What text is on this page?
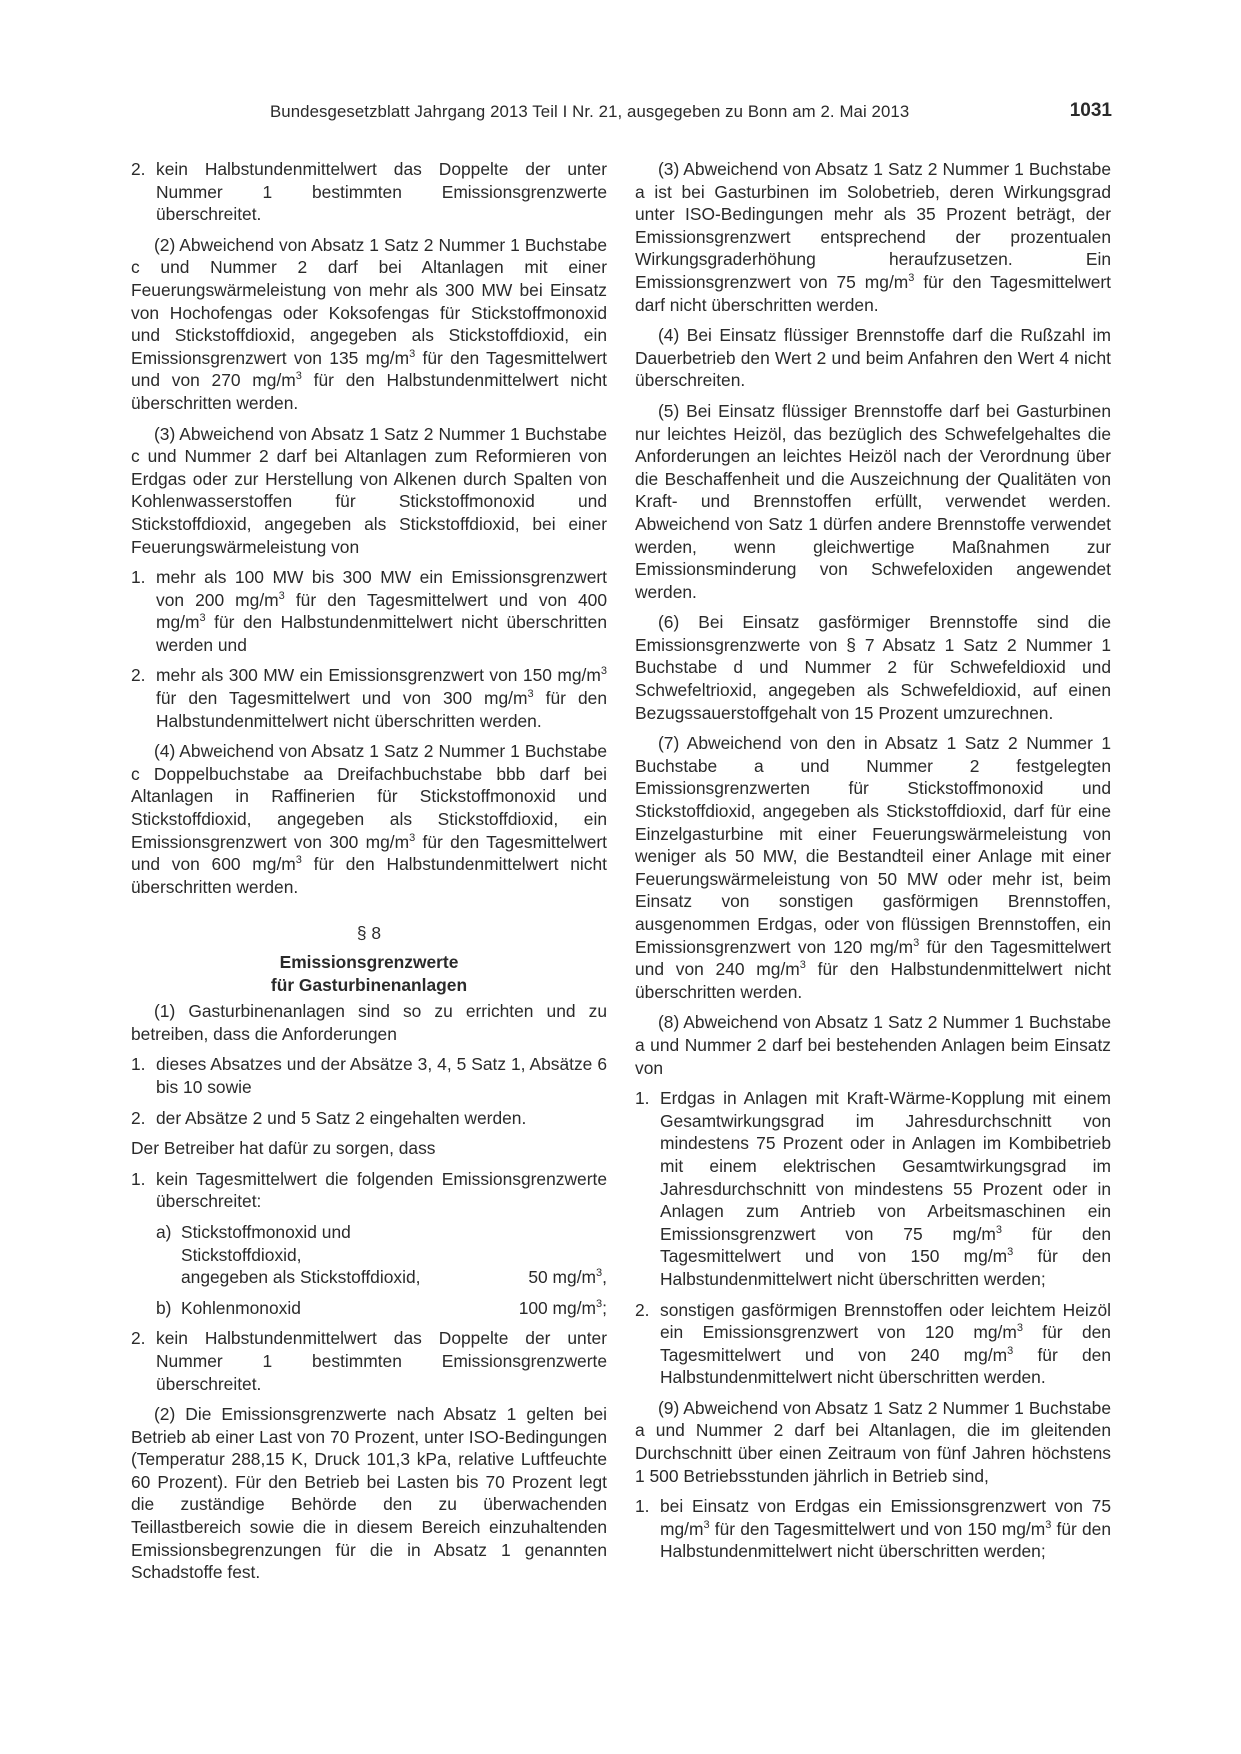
Bundesgesetzblatt Jahrgang 2013 Teil I Nr. 21, ausgegeben zu Bonn am 2. Mai 2013	1031
2. kein Halbstundenmittelwert das Doppelte der unter Nummer 1 bestimmten Emissionsgrenzwerte überschreitet.

(2) Abweichend von Absatz 1 Satz 2 Nummer 1 Buchstabe c und Nummer 2 darf bei Altanlagen mit einer Feuerungswärmeleistung von mehr als 300 MW bei Einsatz von Hochofengas oder Koksofengas für Stickstoffmonoxid und Stickstoffdioxid, angegeben als Stickstoffdioxid, ein Emissionsgrenzwert von 135 $mg/m^3$ für den Tagesmittelwert und von 270 $mg/m^3$ für den Halbstundenmittelwert nicht überschritten werden.

(3) Abweichend von Absatz 1 Satz 2 Nummer 1 Buchstabe c und Nummer 2 darf bei Altanlagen zum Reformieren von Erdgas oder zur Herstellung von Alkenen durch Spalten von Kohlenwasserstoffen für Stickstoffmonoxid und Stickstoffdioxid, angegeben als Stickstoffdioxid, bei einer Feuerungswärmeleistung von

1. mehr als 100 MW bis 300 MW ein Emissionsgrenzwert von 200 $mg/m^3$ für den Tagesmittelwert und von 400 $mg/m^3$ für den Halbstundenmittelwert nicht überschritten werden und
2. mehr als 300 MW ein Emissionsgrenzwert von 150 $mg/m^3$ für den Tagesmittelwert und von 300 $mg/m^3$ für den Halbstundenmittelwert nicht überschritten werden.

(4) Abweichend von Absatz 1 Satz 2 Nummer 1 Buchstabe c Doppelbuchstabe aa Dreifachbuchstabe bbb darf bei Altanlagen in Raffinerien für Stickstoffmonoxid und Stickstoffdioxid, angegeben als Stickstoffdioxid, ein Emissionsgrenzwert von 300 $mg/m^3$ für den Tagesmittelwert und von 600 $mg/m^3$ für den Halbstundenmittelwert nicht überschritten werden.

§ 8
Emissionsgrenzwerte
für Gasturbinenanlagen

(1) Gasturbinenanlagen sind so zu errichten und zu betreiben, dass die Anforderungen

1. dieses Absatzes und der Absätze 3, 4, 5 Satz 1, Absätze 6 bis 10 sowie
2. der Absätze 2 und 5 Satz 2 eingehalten werden.

Der Betreiber hat dafür zu sorgen, dass

1. kein Tagesmittelwert die folgenden Emissionsgrenzwerte überschreitet:
a) Stickstoffmonoxid und
Stickstoffdioxid,
angegeben als Stickstoffdioxid,	50 $mg/m^3$,
b) Kohlenmonoxid	100 $mg/m^3$;
2. kein Halbstundenmittelwert das Doppelte der unter Nummer 1 bestimmten Emissionsgrenzwerte überschreitet.

(2) Die Emissionsgrenzwerte nach Absatz 1 gelten bei Betrieb ab einer Last von 70 Prozent, unter ISO-Bedingungen (Temperatur 288,15 K, Druck 101,3 kPa, relative Luftfeuchte 60 Prozent). Für den Betrieb bei Lasten bis 70 Prozent legt die zuständige Behörde den zu überwachenden Teillastbereich sowie die in diesem Bereich einzuhaltenden Emissionsbegrenzungen für die in Absatz 1 genannten Schadstoffe fest.

(3) Abweichend von Absatz 1 Satz 2 Nummer 1 Buchstabe a ist bei Gasturbinen im Solobetrieb, deren Wirkungsgrad unter ISO-Bedingungen mehr als 35 Prozent beträgt, der Emissionsgrenzwert entsprechend der prozentualen Wirkungsgraderhöhung heraufzusetzen. Ein Emissionsgrenzwert von 75 $mg/m^3$ für den Tagesmittelwert darf nicht überschritten werden.

(4) Bei Einsatz flüssiger Brennstoffe darf die Rußzahl im Dauerbetrieb den Wert 2 und beim Anfahren den Wert 4 nicht überschreiten.

(5) Bei Einsatz flüssiger Brennstoffe darf bei Gasturbinen nur leichtes Heizöl, das bezüglich des Schwefelgehaltes die Anforderungen an leichtes Heizöl nach der Verordnung über die Beschaffenheit und die Auszeichnung der Qualitäten von Kraft- und Brennstoffen erfüllt, verwendet werden. Abweichend von Satz 1 dürfen andere Brennstoffe verwendet werden, wenn gleichwertige Maßnahmen zur Emissionsminderung von Schwefeloxiden angewendet werden.

(6) Bei Einsatz gasförmiger Brennstoffe sind die Emissionsgrenzwerte von § 7 Absatz 1 Satz 2 Nummer 1 Buchstabe d und Nummer 2 für Schwefeldioxid und Schwefeltrioxid, angegeben als Schwefeldioxid, auf einen Bezugssauerstoffgehalt von 15 Prozent umzurechnen.

(7) Abweichend von den in Absatz 1 Satz 2 Nummer 1 Buchstabe a und Nummer 2 festgelegten Emissionsgrenzwerten für Stickstoffmonoxid und Stickstoffdioxid, angegeben als Stickstoffdioxid, darf für eine Einzelgasturbine mit einer Feuerungswärmeleistung von weniger als 50 MW, die Bestandteil einer Anlage mit einer Feuerungswärmeleistung von 50 MW oder mehr ist, beim Einsatz von sonstigen gasförmigen Brennstoffen, ausgenommen Erdgas, oder von flüssigen Brennstoffen, ein Emissionsgrenzwert von 120 $mg/m^3$ für den Tagesmittelwert und von 240 $mg/m^3$ für den Halbstundenmittelwert nicht überschritten werden.

(8) Abweichend von Absatz 1 Satz 2 Nummer 1 Buchstabe a und Nummer 2 darf bei bestehenden Anlagen beim Einsatz von

1. Erdgas in Anlagen mit Kraft-Wärme-Kopplung mit einem Gesamtwirkungsgrad im Jahresdurchschnitt von mindestens 75 Prozent oder in Anlagen im Kombibetrieb mit einem elektrischen Gesamtwirkungsgrad im Jahresdurchschnitt von mindestens 55 Prozent oder in Anlagen zum Antrieb von Arbeitsmaschinen ein Emissionsgrenzwert von 75 $mg/m^3$ für den Tagesmittelwert und von 150 $mg/m^3$ für den Halbstundenmittelwert nicht überschritten werden;
2. sonstigen gasförmigen Brennstoffen oder leichtem Heizöl ein Emissionsgrenzwert von 120 $mg/m^3$ für den Tagesmittelwert und von 240 $mg/m^3$ für den Halbstundenmittelwert nicht überschritten werden.

(9) Abweichend von Absatz 1 Satz 2 Nummer 1 Buchstabe a und Nummer 2 darf bei Altanlagen, die im gleitenden Durchschnitt über einen Zeitraum von fünf Jahren höchstens 1 500 Betriebsstunden jährlich in Betrieb sind,

1. bei Einsatz von Erdgas ein Emissionsgrenzwert von 75 $mg/m^3$ für den Tagesmittelwert und von 150 $mg/m^3$ für den Halbstundenmittelwert nicht überschritten werden;
